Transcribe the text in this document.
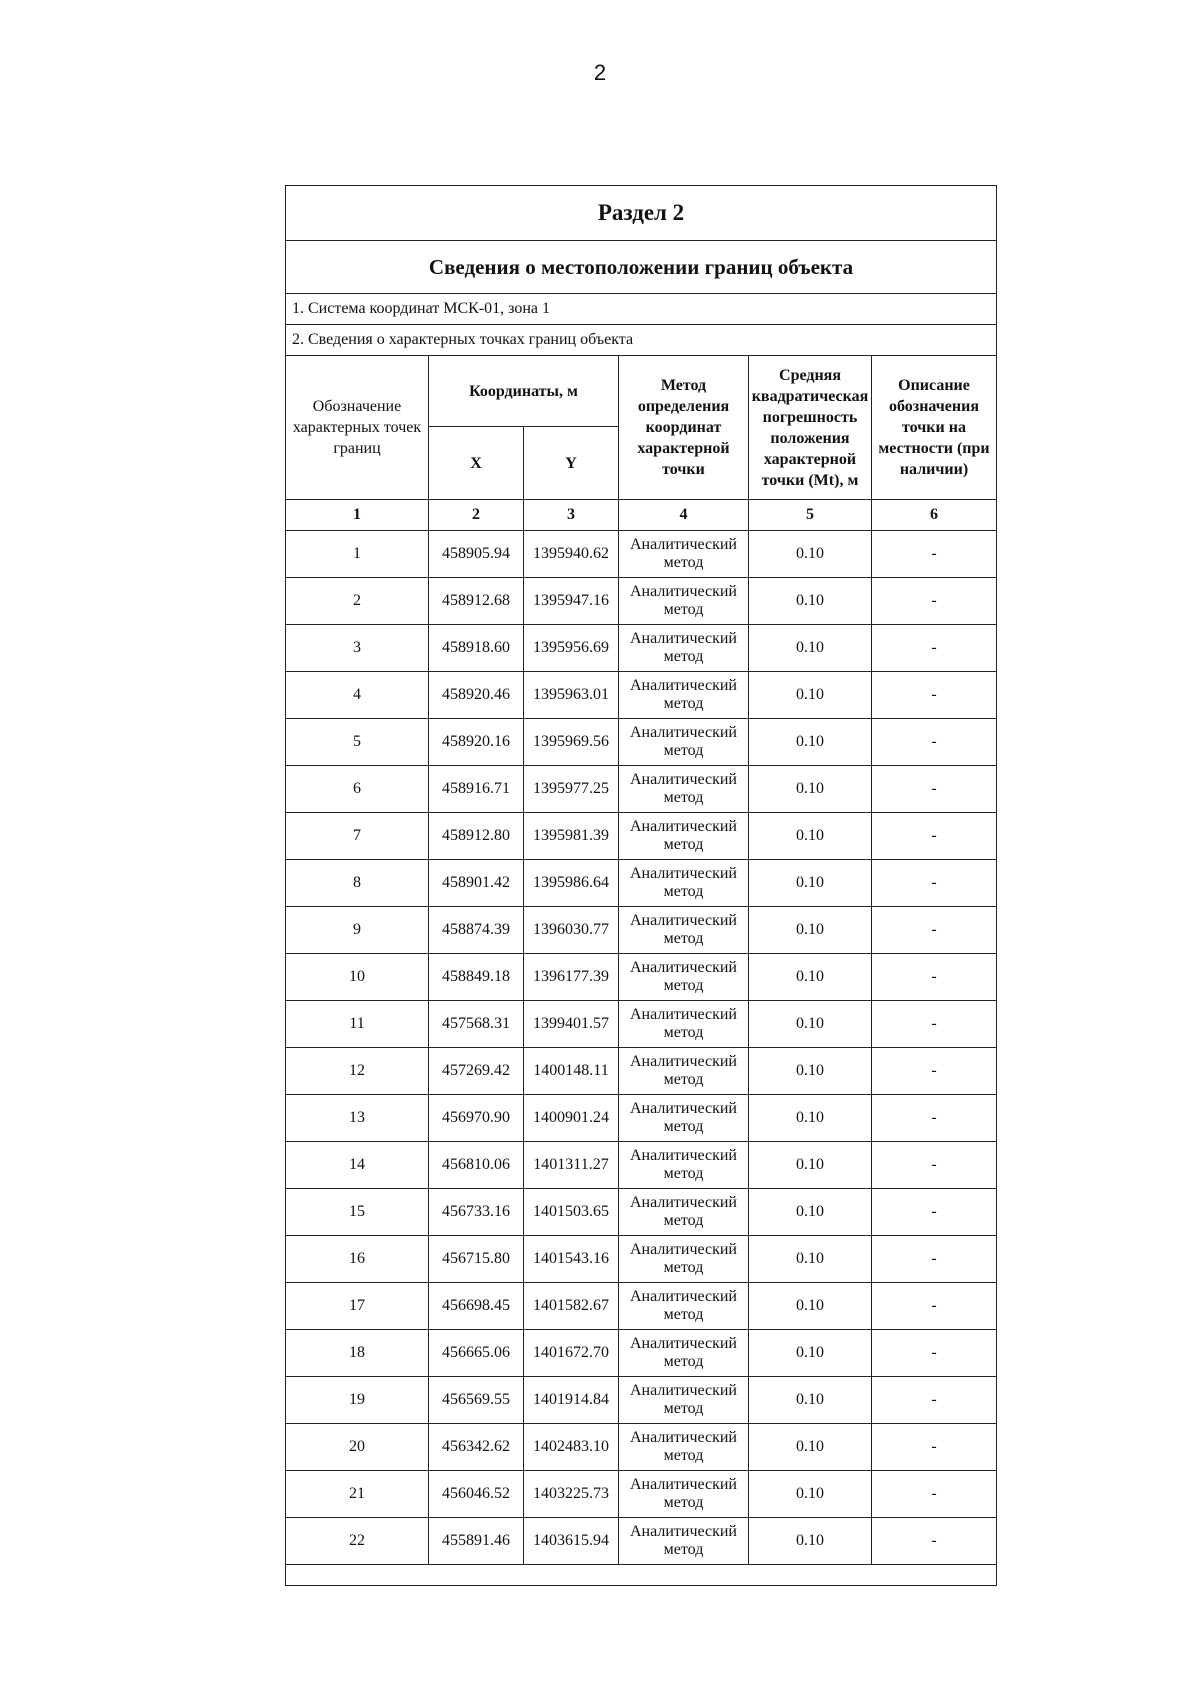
2
Раздел 2					
Сведения о местоположении границ объекта					
1. Система координат МСК-01, зона 1					
2. Сведения о характерных точках границ объекта					
Обозначение характерных точек границ	Координаты, м		Метод определения координат характерной точки	Средняя квадратическая погрешность положения характерной точки (Mt), м	Описание обозначения точки на местности (при наличии)
	X	Y			
1	2	3	4	5	6
1	458905.94	1395940.62	Аналитический метод	0.10	-
2	458912.68	1395947.16	Аналитический метод	0.10	-
3	458918.60	1395956.69	Аналитический метод	0.10	-
4	458920.46	1395963.01	Аналитический метод	0.10	-
5	458920.16	1395969.56	Аналитический метод	0.10	-
6	458916.71	1395977.25	Аналитический метод	0.10	-
7	458912.80	1395981.39	Аналитический метод	0.10	-
8	458901.42	1395986.64	Аналитический метод	0.10	-
9	458874.39	1396030.77	Аналитический метод	0.10	-
10	458849.18	1396177.39	Аналитический метод	0.10	-
11	457568.31	1399401.57	Аналитический метод	0.10	-
12	457269.42	1400148.11	Аналитический метод	0.10	-
13	456970.90	1400901.24	Аналитический метод	0.10	-
14	456810.06	1401311.27	Аналитический метод	0.10	-
15	456733.16	1401503.65	Аналитический метод	0.10	-
16	456715.80	1401543.16	Аналитический метод	0.10	-
17	456698.45	1401582.67	Аналитический метод	0.10	-
18	456665.06	1401672.70	Аналитический метод	0.10	-
19	456569.55	1401914.84	Аналитический метод	0.10	-
20	456342.62	1402483.10	Аналитический метод	0.10	-
21	456046.52	1403225.73	Аналитический метод	0.10	-
22	455891.46	1403615.94	Аналитический метод	0.10	-
